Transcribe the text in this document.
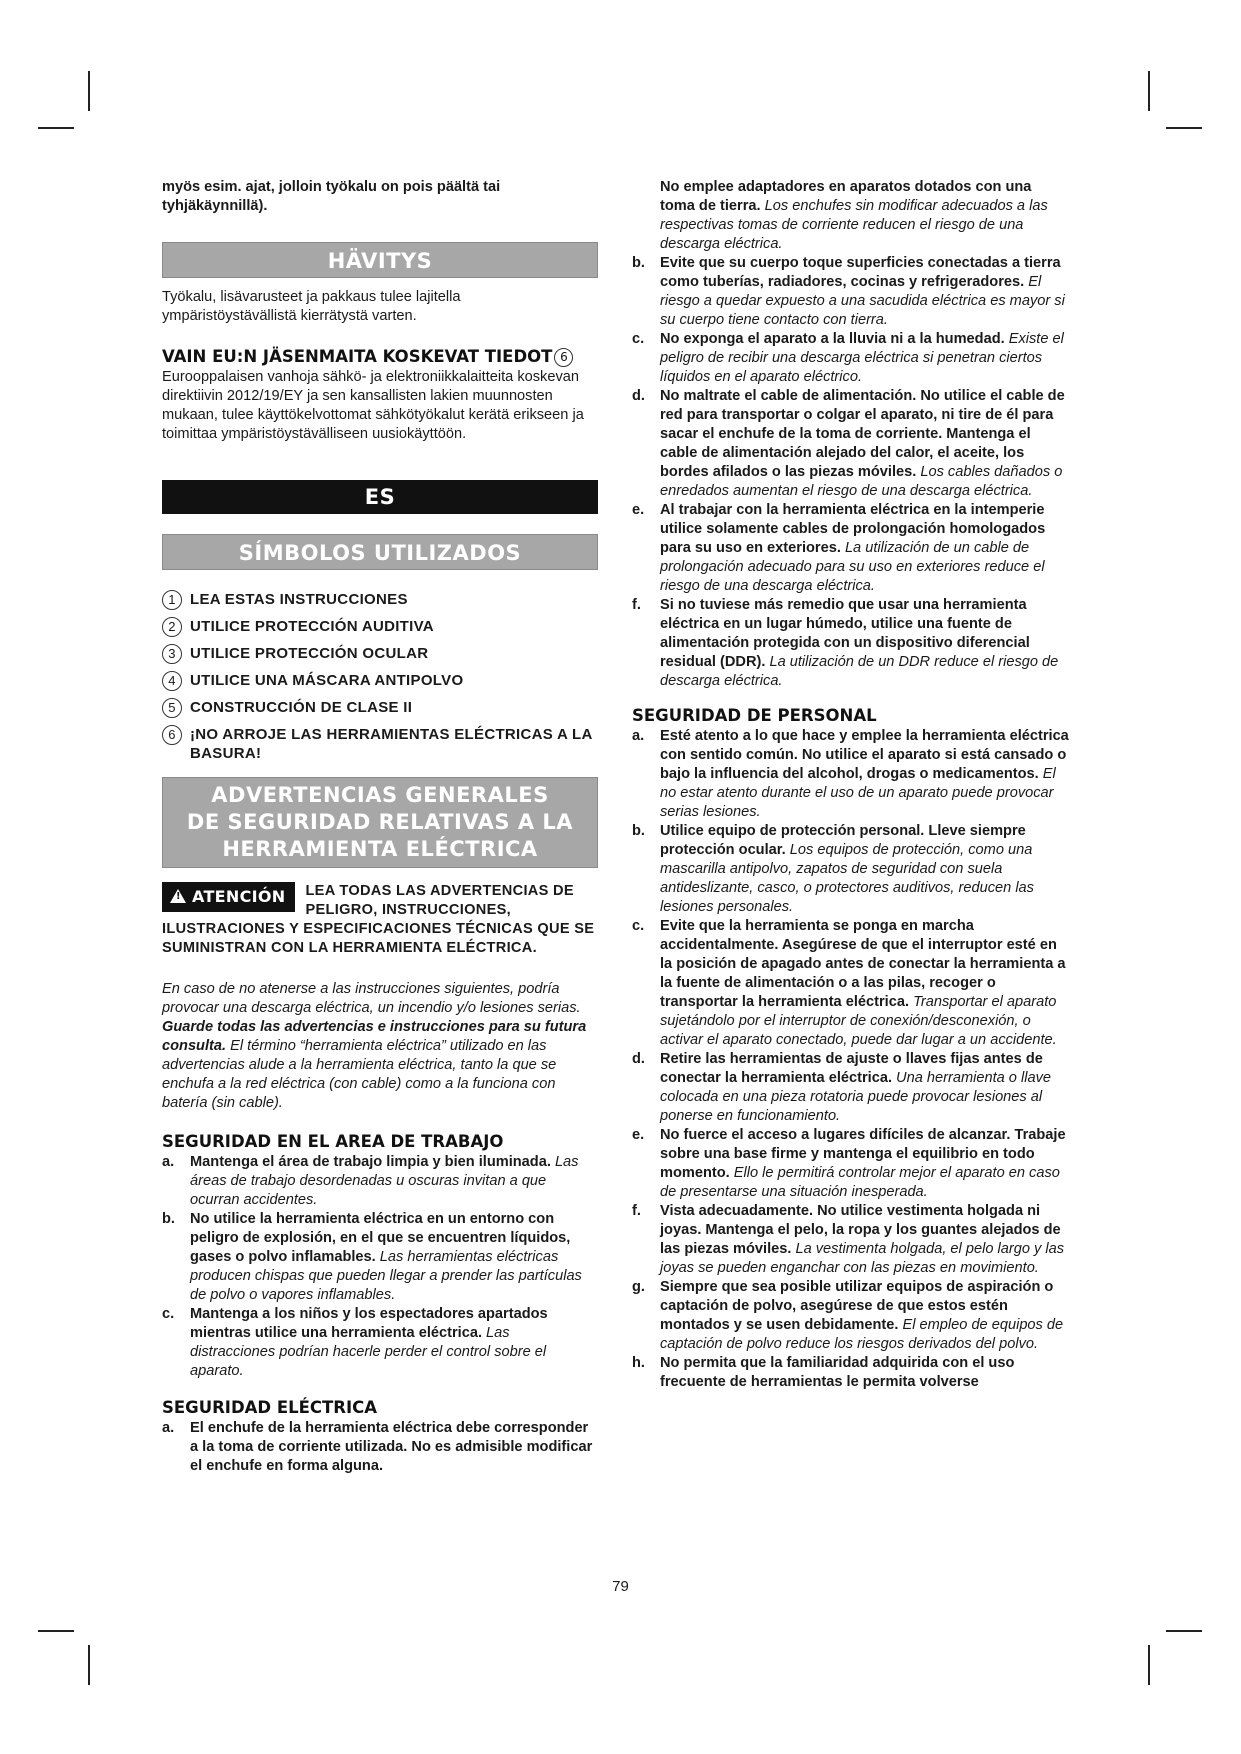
myös esim. ajat, jolloin työkalu on pois päältä tai tyhjäkäynnillä).

HÄVITYS

Työkalu, lisävarusteet ja pakkaus tulee lajitella ympäristöystävällistä kierrätystä varten.

VAIN EU:N JÄSENMAITA KOSKEVAT TIEDOT 6

Eurooppalaisen vanhoja sähkö- ja elektroniikkalaitteita koskevan direktiivin 2012/19/EY ja sen kansallisten lakien muunnosten mukaan, tulee käyttökelvottomat sähkötyökalut kerätä erikseen ja toimittaa ympäristöystävälliseen uusiokäyttöön.

ES
SÍMBOLOS UTILIZADOS
1 LEA ESTAS INSTRUCCIONES
2 UTILICE PROTECCIÓN AUDITIVA
3 UTILICE PROTECCIÓN OCULAR
4 UTILICE UNA MÁSCARA ANTIPOLVO
5 CONSTRUCCIÓN DE CLASE II
6 ¡NO ARROJE LAS HERRAMIENTAS ELÉCTRICAS A LA BASURA!
ADVERTENCIAS GENERALES
DE SEGURIDAD RELATIVAS A LA
HERRAMIENTA ELÉCTRICA
! ATENCIÓN	LEA TODAS LAS ADVERTENCIAS DE PELIGRO, INSTRUCCIONES, ILUSTRACIONES Y ESPECIFICACIONES TÉCNICAS QUE SE SUMINISTRAN CON LA HERRAMIENTA ELÉCTRICA.

En caso de no atenerse a las instrucciones siguientes, podría provocar una descarga eléctrica, un incendio y/o lesiones serias. Guarde todas las advertencias e instrucciones para su futura consulta. El término “herramienta eléctrica” utilizado en las advertencias alude a la herramienta eléctrica, tanto la que se enchufa a la red eléctrica (con cable) como a la funciona con batería (sin cable).

SEGURIDAD EN EL AREA DE TRABAJO
a. Mantenga el área de trabajo limpia y bien iluminada. Las áreas de trabajo desordenadas u oscuras invitan a que ocurran accidentes.
b. No utilice la herramienta eléctrica en un entorno con peligro de explosión, en el que se encuentren líquidos, gases o polvo inflamables. Las herramientas eléctricas producen chispas que pueden llegar a prender las partículas de polvo o vapores inflamables.
c. Mantenga a los niños y los espectadores apartados mientras utilice una herramienta eléctrica. Las distracciones podrían hacerle perder el control sobre el aparato.
SEGURIDAD ELÉCTRICA
a. El enchufe de la herramienta eléctrica debe corresponder a la toma de corriente utilizada. No es admisible modificar el enchufe en forma alguna.
No emplee adaptadores en aparatos dotados con una toma de tierra. Los enchufes sin modificar adecuados a las respectivas tomas de corriente reducen el riesgo de una descarga eléctrica.
b. Evite que su cuerpo toque superficies conectadas a tierra como tuberías, radiadores, cocinas y refrigeradores. El riesgo a quedar expuesto a una sacudida eléctrica es mayor si su cuerpo tiene contacto con tierra.
c. No exponga el aparato a la lluvia ni a la humedad. Existe el peligro de recibir una descarga eléctrica si penetran ciertos líquidos en el aparato eléctrico.
d. No maltrate el cable de alimentación. No utilice el cable de red para transportar o colgar el aparato, ni tire de él para sacar el enchufe de la toma de corriente. Mantenga el cable de alimentación alejado del calor, el aceite, los bordes afilados o las piezas móviles. Los cables dañados o enredados aumentan el riesgo de una descarga eléctrica.
e. Al trabajar con la herramienta eléctrica en la intemperie utilice solamente cables de prolongación homologados para su uso en exteriores. La utilización de un cable de prolongación adecuado para su uso en exteriores reduce el riesgo de una descarga eléctrica.
f. Si no tuviese más remedio que usar una herramienta eléctrica en un lugar húmedo, utilice una fuente de alimentación protegida con un dispositivo diferencial residual (DDR). La utilización de un DDR reduce el riesgo de descarga eléctrica.
SEGURIDAD DE PERSONAL
a. Esté atento a lo que hace y emplee la herramienta eléctrica con sentido común. No utilice el aparato si está cansado o bajo la influencia del alcohol, drogas o medicamentos. El no estar atento durante el uso de un aparato puede provocar serias lesiones.
b. Utilice equipo de protección personal. Lleve siempre protección ocular. Los equipos de protección, como una mascarilla antipolvo, zapatos de seguridad con suela antideslizante, casco, o protectores auditivos, reducen las lesiones personales.
c. Evite que la herramienta se ponga en marcha accidentalmente. Asegúrese de que el interruptor esté en la posición de apagado antes de conectar la herramienta a la fuente de alimentación o a las pilas, recoger o transportar la herramienta eléctrica. Transportar el aparato sujetándolo por el interruptor de conexión/desconexión, o activar el aparato conectado, puede dar lugar a un accidente.
d. Retire las herramientas de ajuste o llaves fijas antes de conectar la herramienta eléctrica. Una herramienta o llave colocada en una pieza rotatoria puede provocar lesiones al ponerse en funcionamiento.
e. No fuerce el acceso a lugares difíciles de alcanzar. Trabaje sobre una base firme y mantenga el equilibrio en todo momento. Ello le permitirá controlar mejor el aparato en caso de presentarse una situación inesperada.
f. Vista adecuadamente. No utilice vestimenta holgada ni joyas. Mantenga el pelo, la ropa y los guantes alejados de las piezas móviles. La vestimenta holgada, el pelo largo y las joyas se pueden enganchar con las piezas en movimiento.
g. Siempre que sea posible utilizar equipos de aspiración o captación de polvo, asegúrese de que estos estén montados y se usen debidamente. El empleo de equipos de captación de polvo reduce los riesgos derivados del polvo.
h. No permita que la familiaridad adquirida con el uso frecuente de herramientas le permita volverse
79
